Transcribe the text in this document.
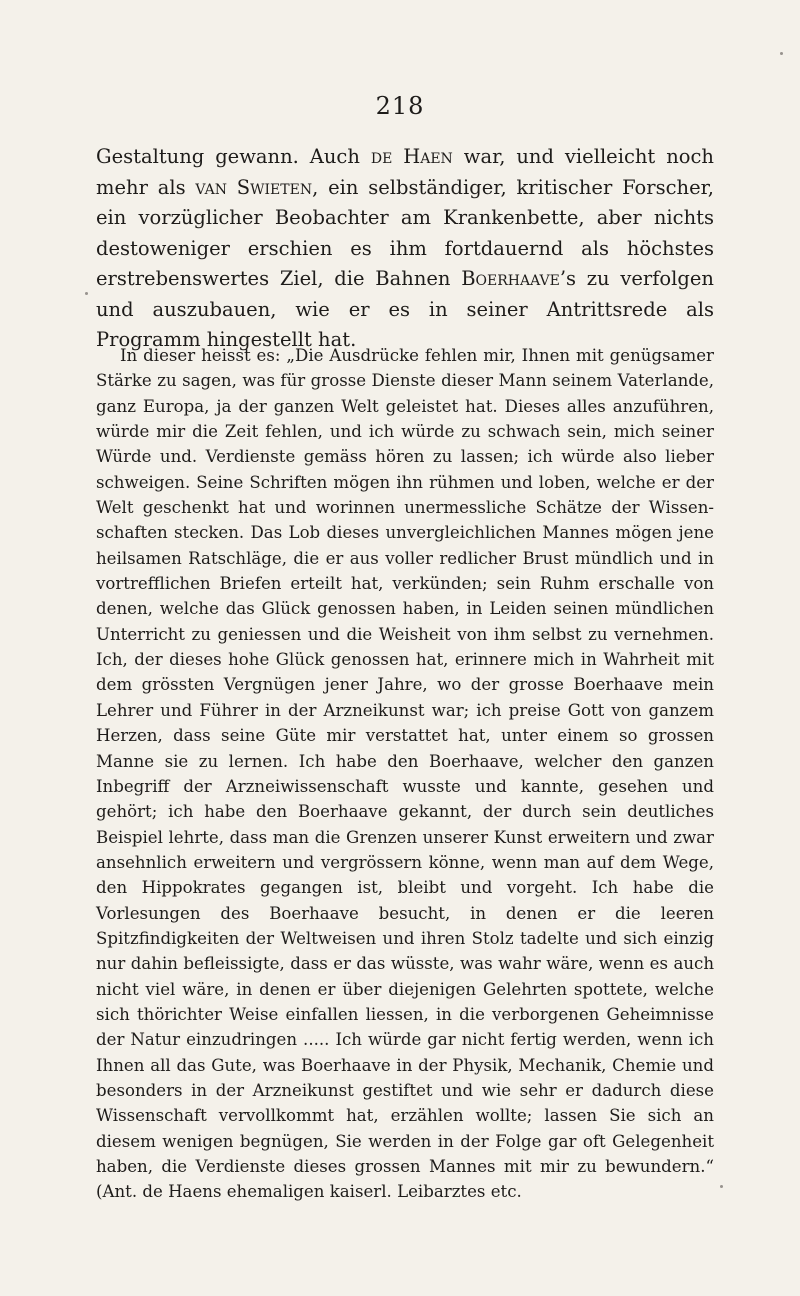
218
Gestaltung gewann. Auch de Haen war, und vielleicht noch mehr als van Swieten, ein selbständiger, kritischer Forscher, ein vorzüglicher Beobachter am Krankenbette, aber nichts destoweniger erschien es ihm fortdauernd als höchstes erstrebenswertes Ziel, die Bahnen Boerhaave’s zu verfolgen und auszubauen, wie er es in seiner Antrittsrede als Programm hingestellt hat.
In dieser heisst es: „Die Ausdrücke fehlen mir, Ihnen mit genügsamer Stärke zu sagen, was für grosse Dienste dieser Mann seinem Vaterlande, ganz Europa, ja der ganzen Welt geleistet hat. Dieses alles anzuführen, würde mir die Zeit fehlen, und ich würde zu schwach sein, mich seiner Würde und. Verdienste gemäss hören zu lassen; ich würde also lieber schweigen. Seine Schriften mögen ihn rühmen und loben, welche er der Welt geschenkt hat und worinnen unermessliche Schätze der Wissenschaften stecken. Das Lob dieses unvergleichlichen Mannes mögen jene heilsamen Ratschläge, die er aus voller redlicher Brust mündlich und in vortrefflichen Briefen erteilt hat, verkünden; sein Ruhm erschalle von denen, welche das Glück genossen haben, in Leiden seinen mündlichen Unterricht zu geniessen und die Weisheit von ihm selbst zu vernehmen. Ich, der dieses hohe Glück genossen hat, erinnere mich in Wahrheit mit dem grössten Vergnügen jener Jahre, wo der grosse Boerhaave mein Lehrer und Führer in der Arzneikunst war; ich preise Gott von ganzem Herzen, dass seine Güte mir verstattet hat, unter einem so grossen Manne sie zu lernen. Ich habe den Boerhaave, welcher den ganzen Inbegriff der Arzneiwissenschaft wusste und kannte, gesehen und gehört; ich habe den Boerhaave gekannt, der durch sein deutliches Beispiel lehrte, dass man die Grenzen unserer Kunst erweitern und zwar ansehnlich erweitern und vergrössern könne, wenn man auf dem Wege, den Hippokrates gegangen ist, bleibt und vorgeht. Ich habe die Vorlesungen des Boerhaave besucht, in denen er die leeren Spitzfindigkeiten der Weltweisen und ihren Stolz tadelte und sich einzig nur dahin befleissigte, dass er das wüsste, was wahr wäre, wenn es auch nicht viel wäre, in denen er über diejenigen Gelehrten spottete, welche sich thörichter Weise einfallen liessen, in die verborgenen Geheimnisse der Natur einzudringen ..... Ich würde gar nicht fertig werden, wenn ich Ihnen all das Gute, was Boerhaave in der Physik, Mechanik, Chemie und besonders in der Arzneikunst gestiftet und wie sehr er dadurch diese Wissenschaft vervollkommt hat, erzählen wollte; lassen Sie sich an diesem wenigen begnügen, Sie werden in der Folge gar oft Gelegenheit haben, die Verdienste dieses grossen Mannes mit mir zu bewundern.“ (Ant. de Haens ehemaligen kaiserl. Leibarztes etc.
